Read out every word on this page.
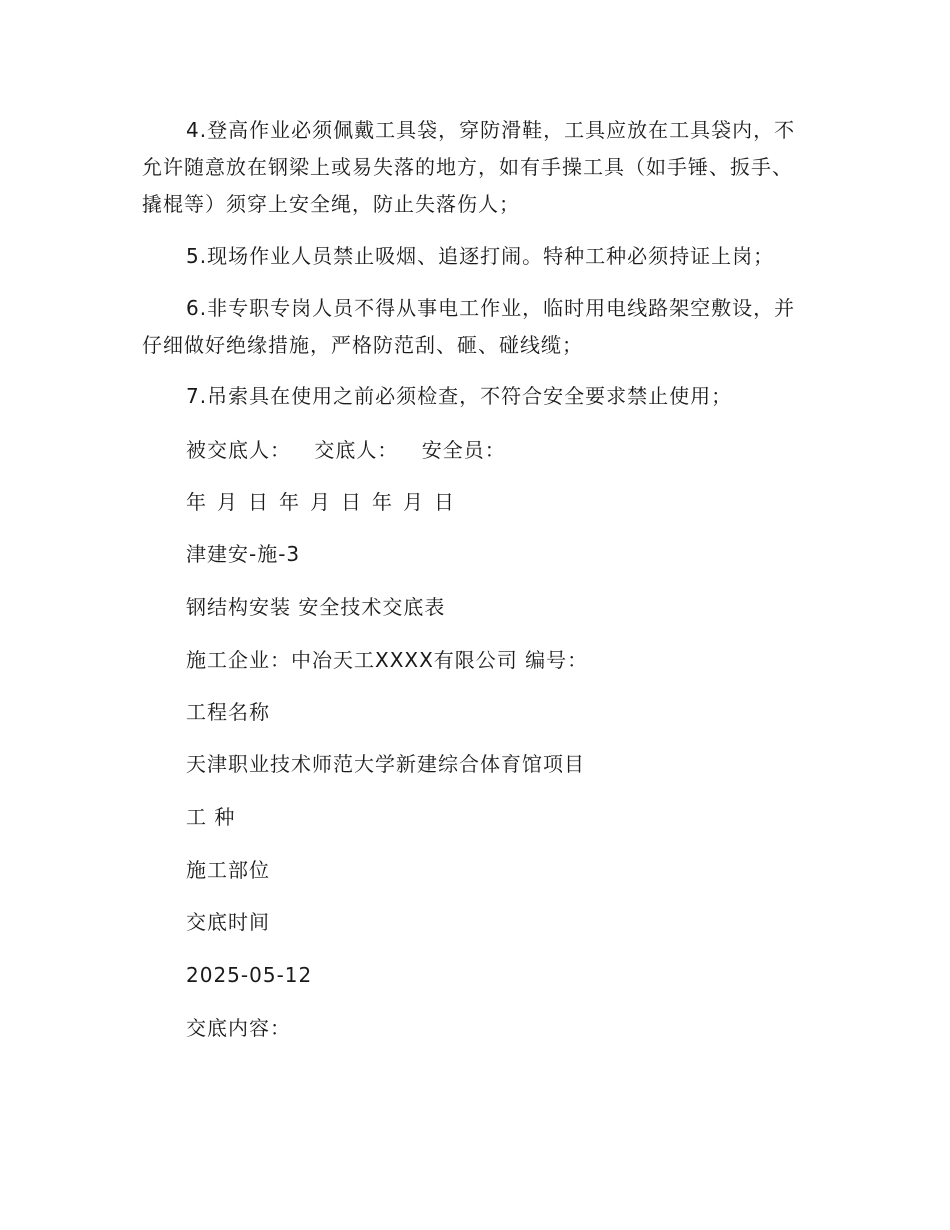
4.登高作业必须佩戴工具袋，穿防滑鞋，工具应放在工具袋内，不允许随意放在钢梁上或易失落的地方，如有手操工具（如手锤、扳手、撬棍等）须穿上安全绳，防止失落伤人；

5.现场作业人员禁止吸烟、追逐打闹。特种工种必须持证上岗；

6.非专职专岗人员不得从事电工作业，临时用电线路架空敷设，并仔细做好绝缘措施，严格防范刮、砸、碰线缆；

7.吊索具在使用之前必须检查，不符合安全要求禁止使用；

被交底人： 交底人： 安全员：
年 月 日 年 月 日 年 月 日
津建安-施-3
钢结构安装 安全技术交底表
施工企业：中冶天工XXXX有限公司 编号：
工程名称
天津职业技术师范大学新建综合体育馆项目
工 种
施工部位
交底时间
2025-05-12
交底内容：
